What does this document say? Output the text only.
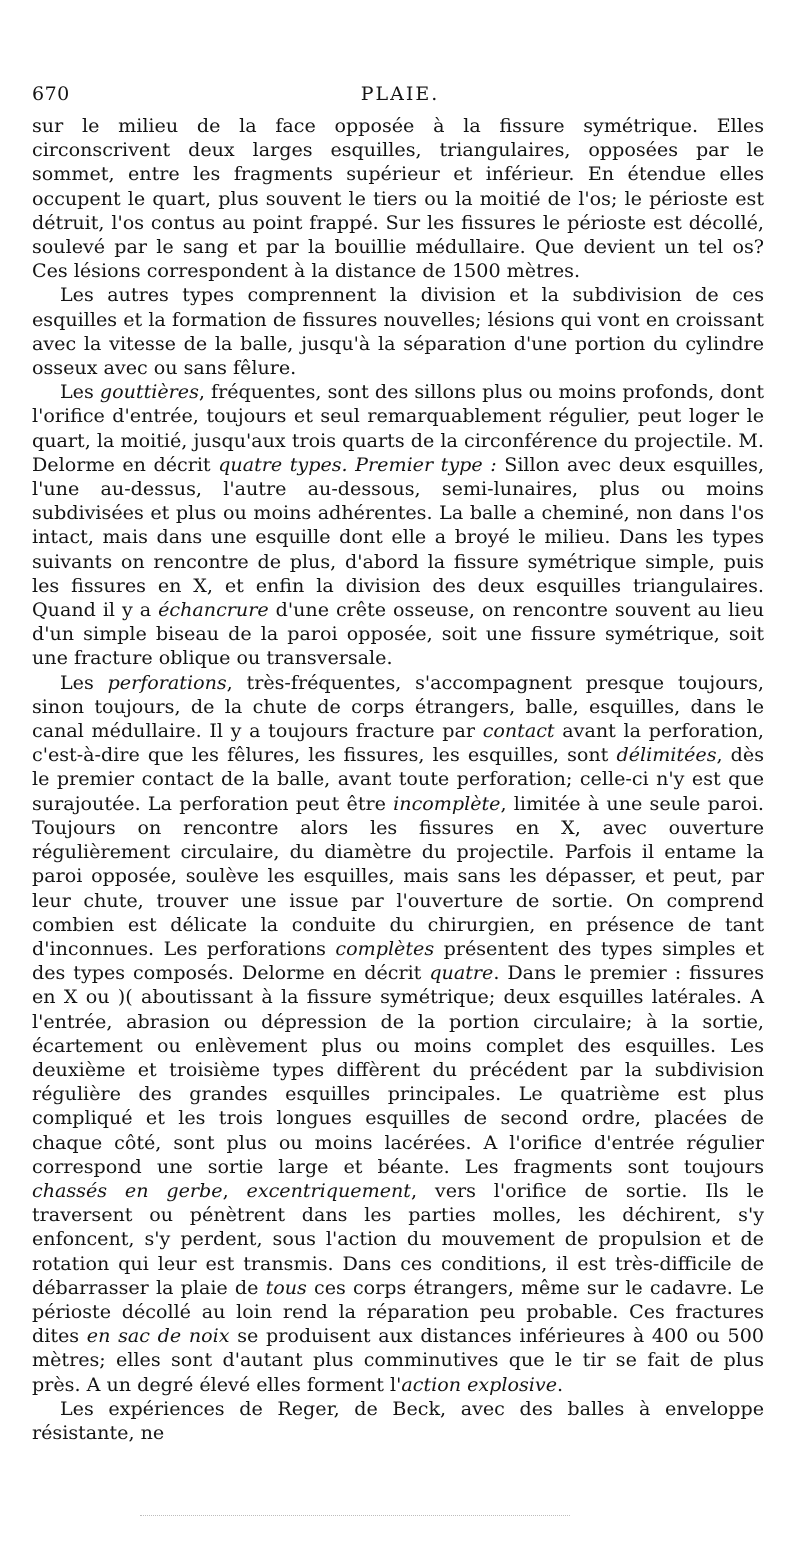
670	PLAIE.

sur le milieu de la face opposée à la fissure symétrique. Elles circonscrivent deux larges esquilles, triangulaires, opposées par le sommet, entre les fragments supérieur et inférieur. En étendue elles occupent le quart, plus souvent le tiers ou la moitié de l'os; le périoste est détruit, l'os contus au point frappé. Sur les fissures le périoste est décollé, soulevé par le sang et par la bouillie médullaire. Que devient un tel os? Ces lésions correspondent à la distance de 1500 mètres.

Les autres types comprennent la division et la subdivision de ces esquilles et la formation de fissures nouvelles; lésions qui vont en croissant avec la vitesse de la balle, jusqu'à la séparation d'une portion du cylindre osseux avec ou sans fêlure.

Les gouttières, fréquentes, sont des sillons plus ou moins profonds, dont l'orifice d'entrée, toujours et seul remarquablement régulier, peut loger le quart, la moitié, jusqu'aux trois quarts de la circonférence du projectile. M. Delorme en décrit quatre types. Premier type : Sillon avec deux esquilles, l'une au-dessus, l'autre au-dessous, semi-lunaires, plus ou moins subdivisées et plus ou moins adhérentes. La balle a cheminé, non dans l'os intact, mais dans une esquille dont elle a broyé le milieu. Dans les types suivants on rencontre de plus, d'abord la fissure symétrique simple, puis les fissures en X, et enfin la division des deux esquilles triangulaires. Quand il y a échancrure d'une crête osseuse, on rencontre souvent au lieu d'un simple biseau de la paroi opposée, soit une fissure symétrique, soit une fracture oblique ou transversale.

Les perforations, très-fréquentes, s'accompagnent presque toujours, sinon toujours, de la chute de corps étrangers, balle, esquilles, dans le canal médullaire. Il y a toujours fracture par contact avant la perforation, c'est-à-dire que les fêlures, les fissures, les esquilles, sont délimitées, dès le premier contact de la balle, avant toute perforation; celle-ci n'y est que surajoutée. La perforation peut être incomplète, limitée à une seule paroi. Toujours on rencontre alors les fissures en X, avec ouverture régulièrement circulaire, du diamètre du projectile. Parfois il entame la paroi opposée, soulève les esquilles, mais sans les dépasser, et peut, par leur chute, trouver une issue par l'ouverture de sortie. On comprend combien est délicate la conduite du chirurgien, en présence de tant d'inconnues. Les perforations complètes présentent des types simples et des types composés. Delorme en décrit quatre. Dans le premier : fissures en X ou )( aboutissant à la fissure symétrique; deux esquilles latérales. A l'entrée, abrasion ou dépression de la portion circulaire; à la sortie, écartement ou enlèvement plus ou moins complet des esquilles. Les deuxième et troisième types diffèrent du précédent par la subdivision régulière des grandes esquilles principales. Le quatrième est plus compliqué et les trois longues esquilles de second ordre, placées de chaque côté, sont plus ou moins lacérées. A l'orifice d'entrée régulier correspond une sortie large et béante. Les fragments sont toujours chassés en gerbe, excentriquement, vers l'orifice de sortie. Ils le traversent ou pénètrent dans les parties molles, les déchirent, s'y enfoncent, s'y perdent, sous l'action du mouvement de propulsion et de rotation qui leur est transmis. Dans ces conditions, il est très-difficile de débarrasser la plaie de tous ces corps étrangers, même sur le cadavre. Le périoste décollé au loin rend la réparation peu probable. Ces fractures dites en sac de noix se produisent aux distances inférieures à 400 ou 500 mètres; elles sont d'autant plus comminutives que le tir se fait de plus près. A un degré élevé elles forment l'action explosive.

Les expériences de Reger, de Beck, avec des balles à enveloppe résistante, ne
